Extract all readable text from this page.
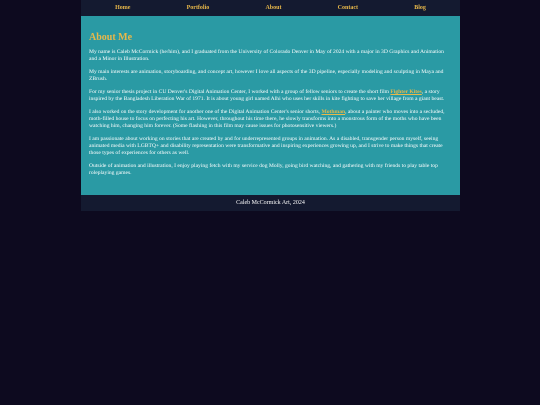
Home	Portfolio	About	Contact	Blog
About Me

My name is Caleb McCormick (he/him), and I graduated from the University of Colorado Denver in May of 2024 with a major in 3D Graphics and Animation and a Minor in Illustration.

My main interests are animation, storyboarding, and concept art, however I love all aspects of the 3D pipeline, especially modeling and sculpting in Maya and ZBrush.

For my senior thesis project in CU Denver's Digital Animation Center, I worked with a group of fellow seniors to create the short film Fighter Kites, a story inspired by the Bangladesh Liberation War of 1971. It is about young girl named Alhi who uses her skills in kite fighting to save her village from a giant beast.

I also worked on the story development for another one of the Digital Animation Center's senior shorts, Mothman, about a painter who moves into a secluded, moth-filled house to focus on perfecting his art. However, throughout his time there, he slowly transforms into a monstrous form of the moths who have been watching him, changing him forever. (Some flashing in this film may cause issues for photosensitive viewers.)

I am passionate about working on stories that are created by and for underrepresented groups in animation. As a disabled, transgender person myself, seeing animated media with LGBTQ+ and disability representation were transformative and inspiring experiences growing up, and I strive to make things that create those types of experiences for others as well.

Outside of animation and illustration, I enjoy playing fetch with my service dog Molly, going bird watching, and gathering with my friends to play table top roleplaying games.

Caleb McCormick Art, 2024
